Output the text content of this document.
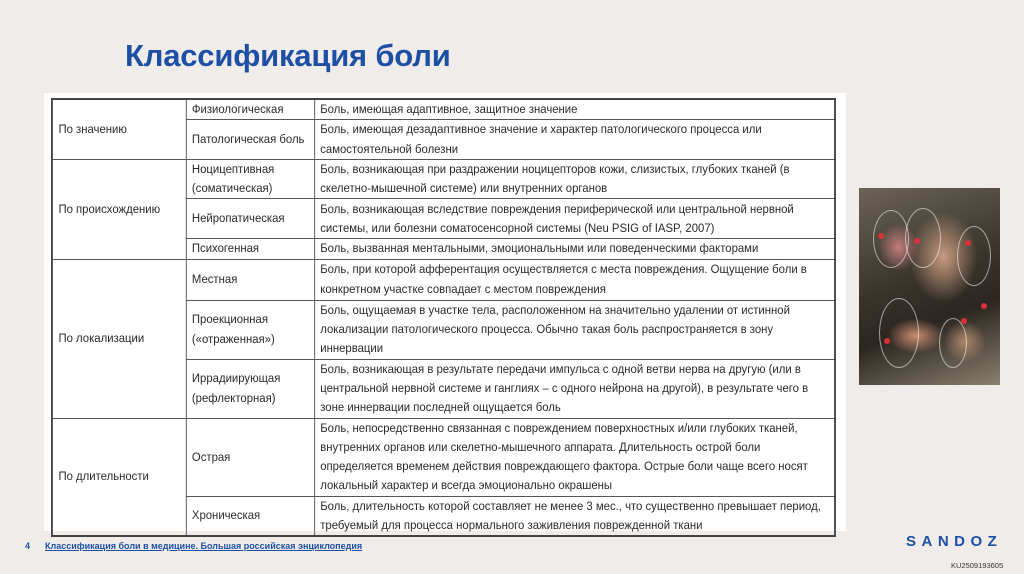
Классификация боли
По значению	Физиологическая	Боль, имеющая адаптивное, защитное значение
	Патологическая боль	Боль, имеющая дезадаптивное значение и характер патологического процесса или самостоятельной болезни
По происхождению	Ноцицептивная (соматическая)	Боль, возникающая при раздражении ноцицепторов кожи, слизистых, глубоких тканей (в скелетно-мышечной системе) или внутренних органов
	Нейропатическая	Боль, возникающая вследствие повреждения периферической или центральной нервной системы, или болезни соматосенсорной системы (Neu PSIG of IASP, 2007)
	Психогенная	Боль, вызванная ментальными, эмоциональными или поведенческими факторами
По локализации	Местная	Боль, при которой афферентация осуществляется с места повреждения. Ощущение боли в конкретном участке совпадает с местом повреждения
	Проекционная («отраженная»)	Боль, ощущаемая в участке тела, расположенном на значительно удалении от истинной локализации патологического процесса. Обычно такая боль распространяется в зону иннервации
	Иррадиирующая (рефлекторная)	Боль, возникающая в результате передачи импульса с одной ветви нерва на другую (или в центральной нервной системе и ганглиях – с одного нейрона на другой), в результате чего в зоне иннервации последней ощущается боль
По длительности	Острая	Боль, непосредственно связанная с повреждением поверхностных и/или глубоких тканей, внутренних органов или скелетно-мышечного аппарата. Длительность острой боли определяется временем действия повреждающего фактора. Острые боли чаще всего носят локальный характер и всегда эмоционально окрашены
	Хроническая	Боль, длительность которой составляет не менее 3 мес., что существенно превышает период, требуемый для процесса нормального заживления поврежденной ткани
4 Классификация боли в медицине. Большая российская энциклопедия	SANDOZ
KU2509193605
